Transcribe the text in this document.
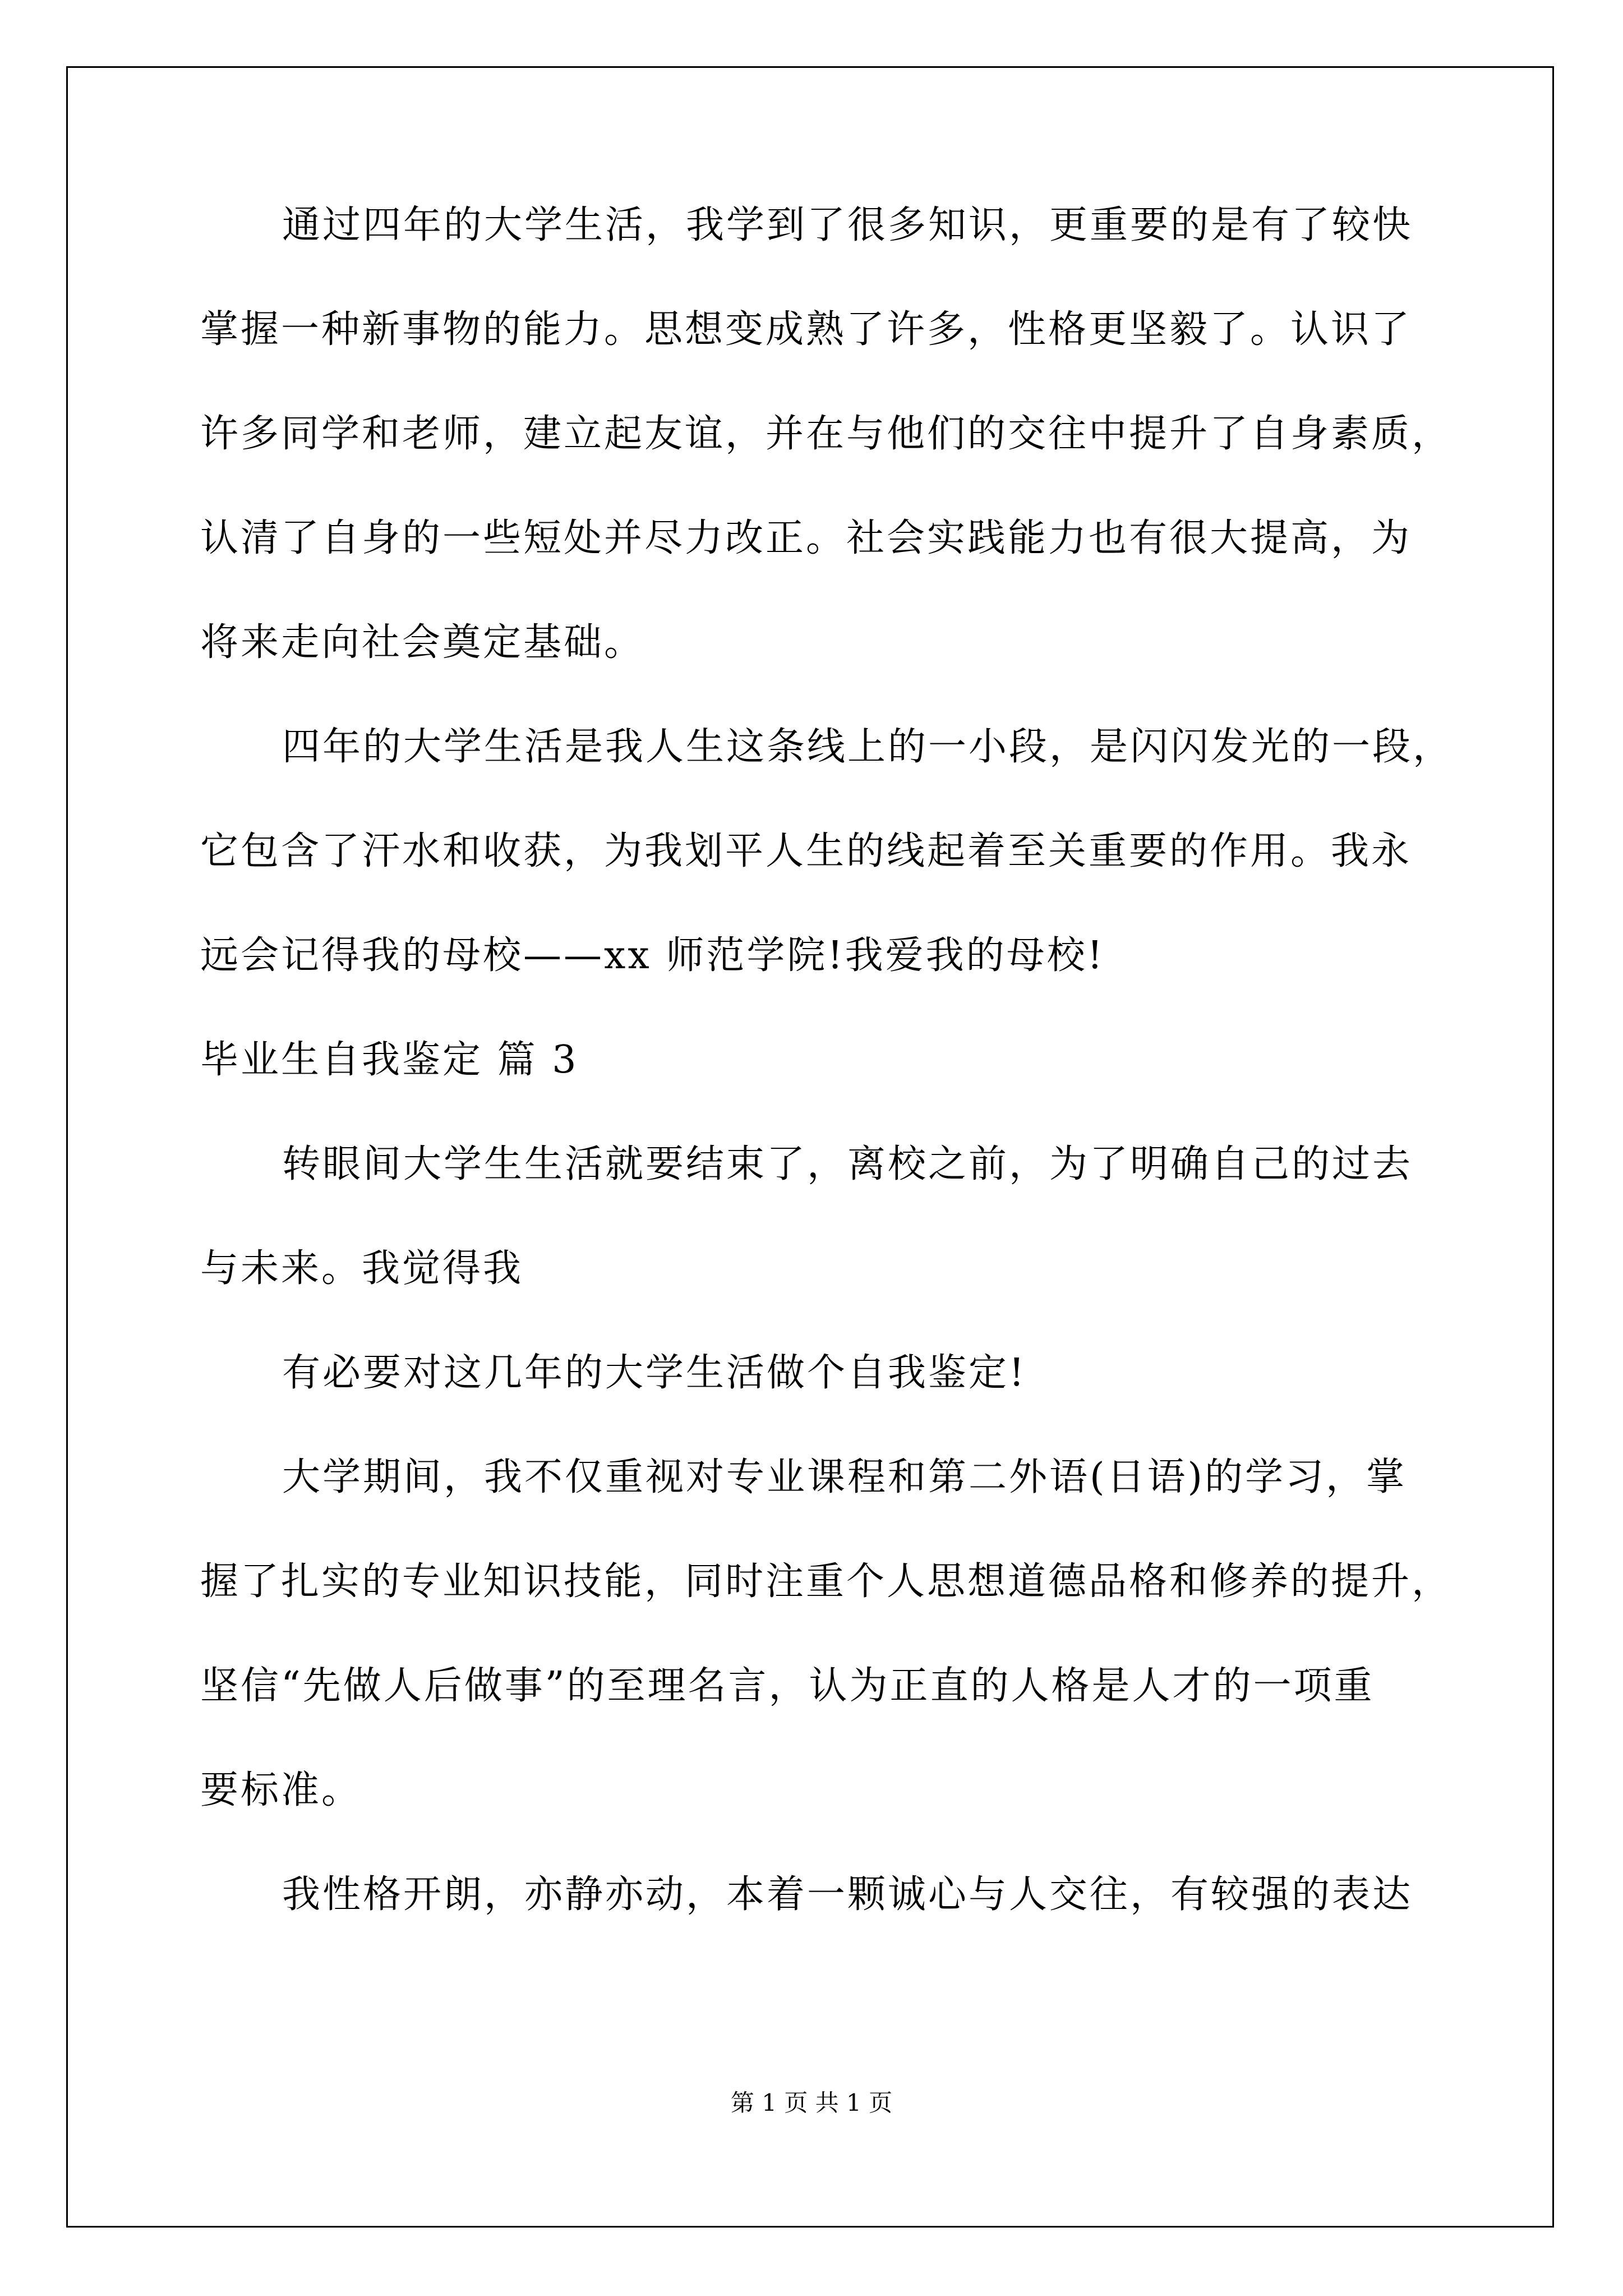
通过四年的大学生活，我学到了很多知识，更重要的是有了较快
掌握一种新事物的能力。思想变成熟了许多，性格更坚毅了。认识了
许多同学和老师，建立起友谊，并在与他们的交往中提升了自身素质，
认清了自身的一些短处并尽力改正。社会实践能力也有很大提高，为
将来走向社会奠定基础。
四年的大学生活是我人生这条线上的一小段，是闪闪发光的一段，
它包含了汗水和收获，为我划平人生的线起着至关重要的作用。我永
远会记得我的母校——xx 师范学院!我爱我的母校!
毕业生自我鉴定 篇 3
转眼间大学生生活就要结束了，离校之前，为了明确自己的过去
与未来。我觉得我
有必要对这几年的大学生活做个自我鉴定!
大学期间，我不仅重视对专业课程和第二外语(日语)的学习，掌
握了扎实的专业知识技能，同时注重个人思想道德品格和修养的提升，
坚信“先做人后做事”的至理名言，认为正直的人格是人才的一项重
要标准。
我性格开朗，亦静亦动，本着一颗诚心与人交往，有较强的表达
第 1 页 共 1 页
